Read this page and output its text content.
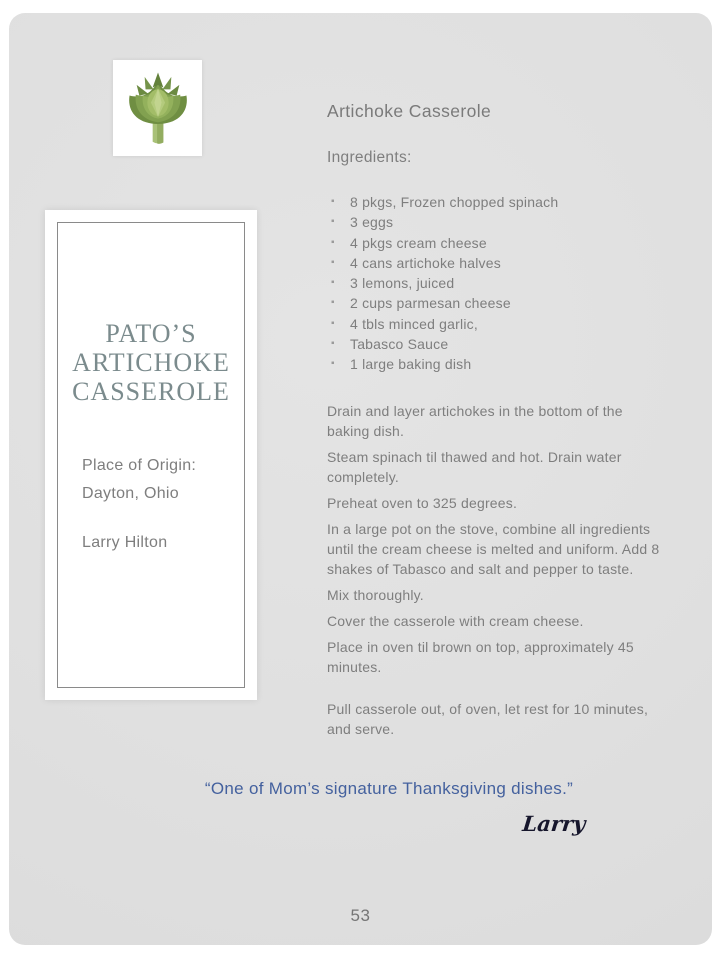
PATO’S
ARTICHOKE
CASSEROLE
Place of Origin:
Dayton, Ohio
Larry Hilton
Artichoke Casserole
Ingredients:
▪	8 pkgs, Frozen chopped spinach
▪	3 eggs
▪	4 pkgs cream cheese
▪	4 cans artichoke halves
▪	3 lemons, juiced
▪	2 cups parmesan cheese
▪	4 tbls minced garlic,
▪	Tabasco Sauce
▪	1 large baking dish

Drain and layer artichokes in the bottom of the baking dish.

Steam spinach til thawed and hot. Drain water completely.

Preheat oven to 325 degrees.

In a large pot on the stove, combine all ingredients until the cream cheese is melted and uniform. Add 8 shakes of Tabasco and salt and pepper to taste.

Mix thoroughly.

Cover the casserole with cream cheese.

Place in oven til brown on top, approximately 45 minutes.

Pull casserole out, of oven, let rest for 10 minutes, and serve.

“One of Mom’s signature Thanksgiving dishes.”
Larry
53
